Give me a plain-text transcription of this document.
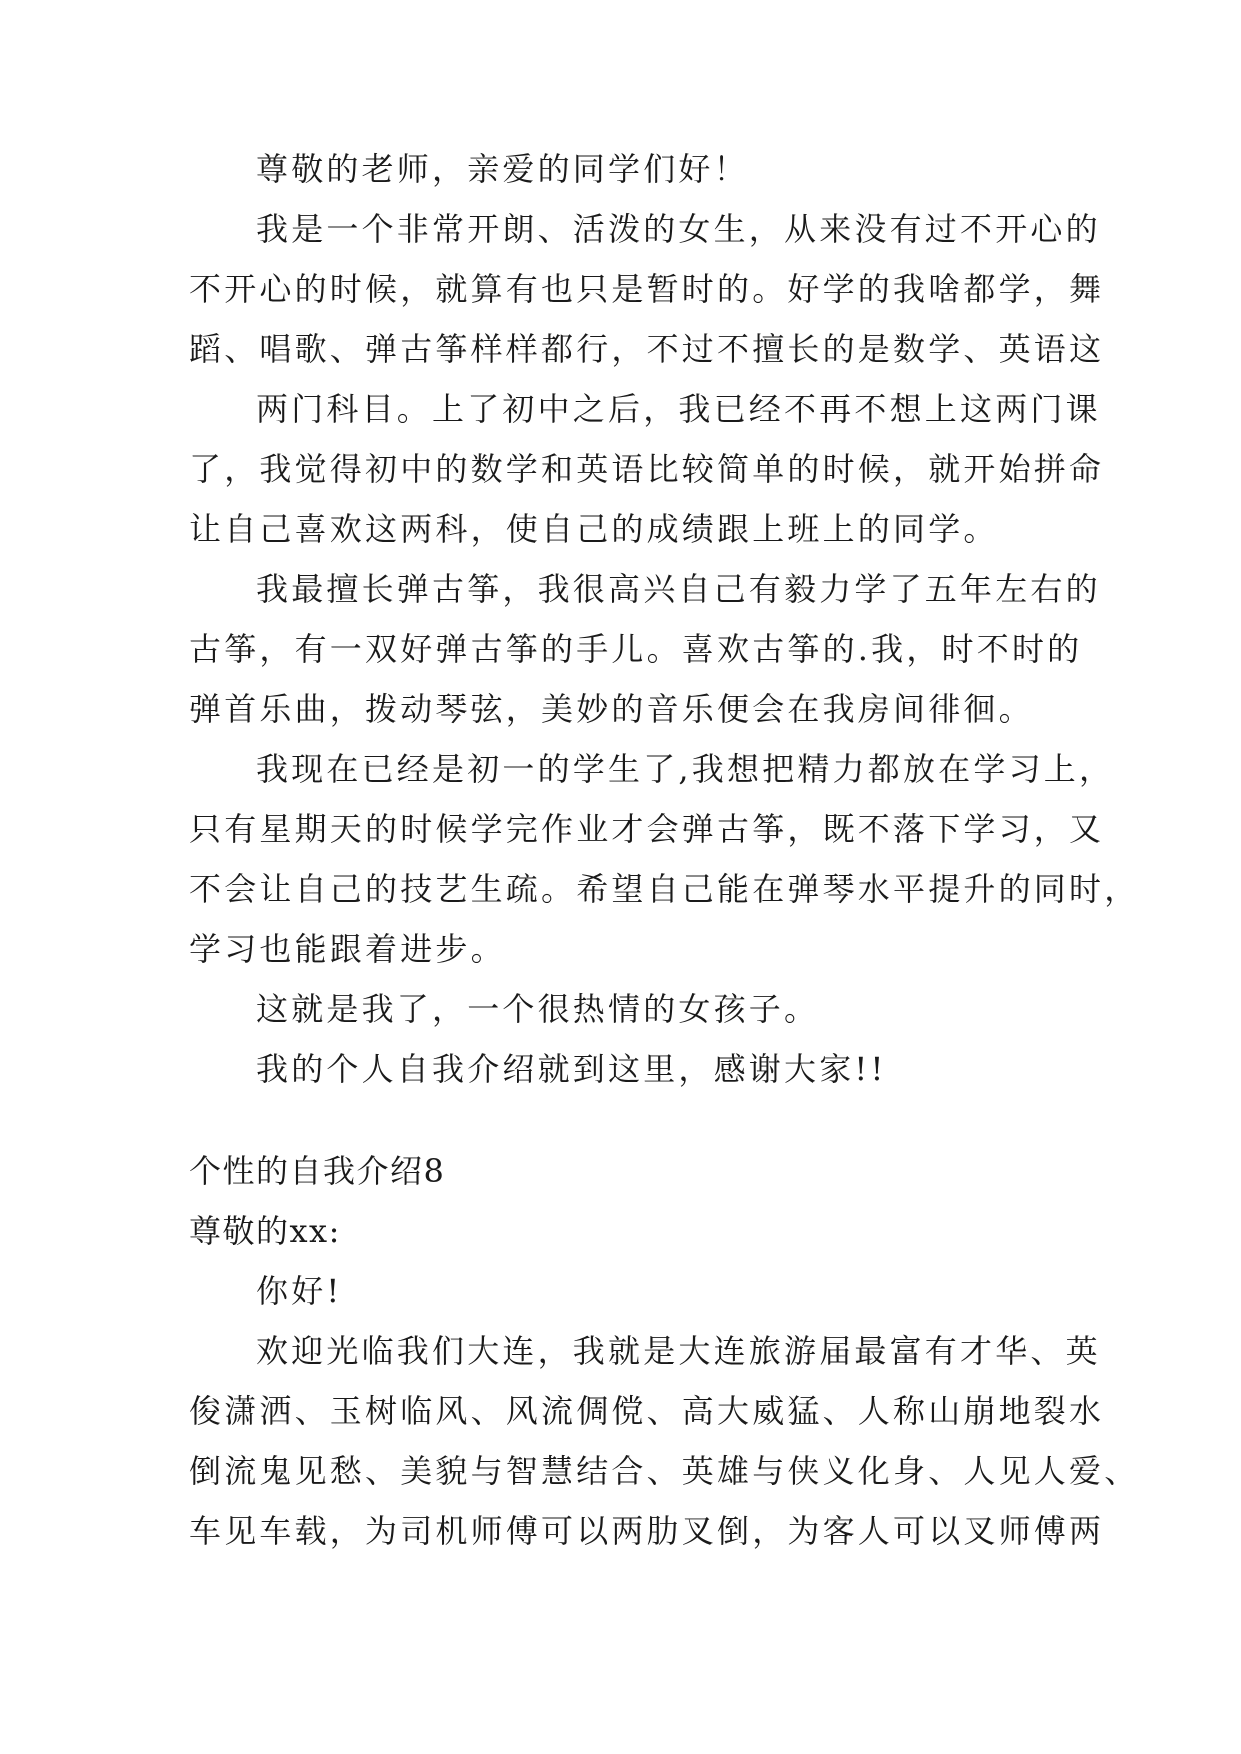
尊敬的老师，亲爱的同学们好！
我是一个非常开朗、活泼的女生，从来没有过不开心的
不开心的时候，就算有也只是暂时的。好学的我啥都学，舞
蹈、唱歌、弹古筝样样都行，不过不擅长的是数学、英语这
两门科目。上了初中之后，我已经不再不想上这两门课
了，我觉得初中的数学和英语比较简单的时候，就开始拼命
让自己喜欢这两科，使自己的成绩跟上班上的同学。
我最擅长弹古筝，我很高兴自己有毅力学了五年左右的
古筝，有一双好弹古筝的手儿。喜欢古筝的.我，时不时的
弹首乐曲，拨动琴弦，美妙的音乐便会在我房间徘徊。
我现在已经是初一的学生了,我想把精力都放在学习上，
只有星期天的时候学完作业才会弹古筝，既不落下学习，又
不会让自己的技艺生疏。希望自己能在弹琴水平提升的同时，
学习也能跟着进步。
这就是我了，一个很热情的女孩子。
我的个人自我介绍就到这里，感谢大家!!
个性的自我介绍8
尊敬的xx:
你好!
欢迎光临我们大连，我就是大连旅游届最富有才华、英
俊潇洒、玉树临风、风流倜傥、高大威猛、人称山崩地裂水
倒流鬼见愁、美貌与智慧结合、英雄与侠义化身、人见人爱、
车见车载，为司机师傅可以两肋叉倒，为客人可以叉师傅两
